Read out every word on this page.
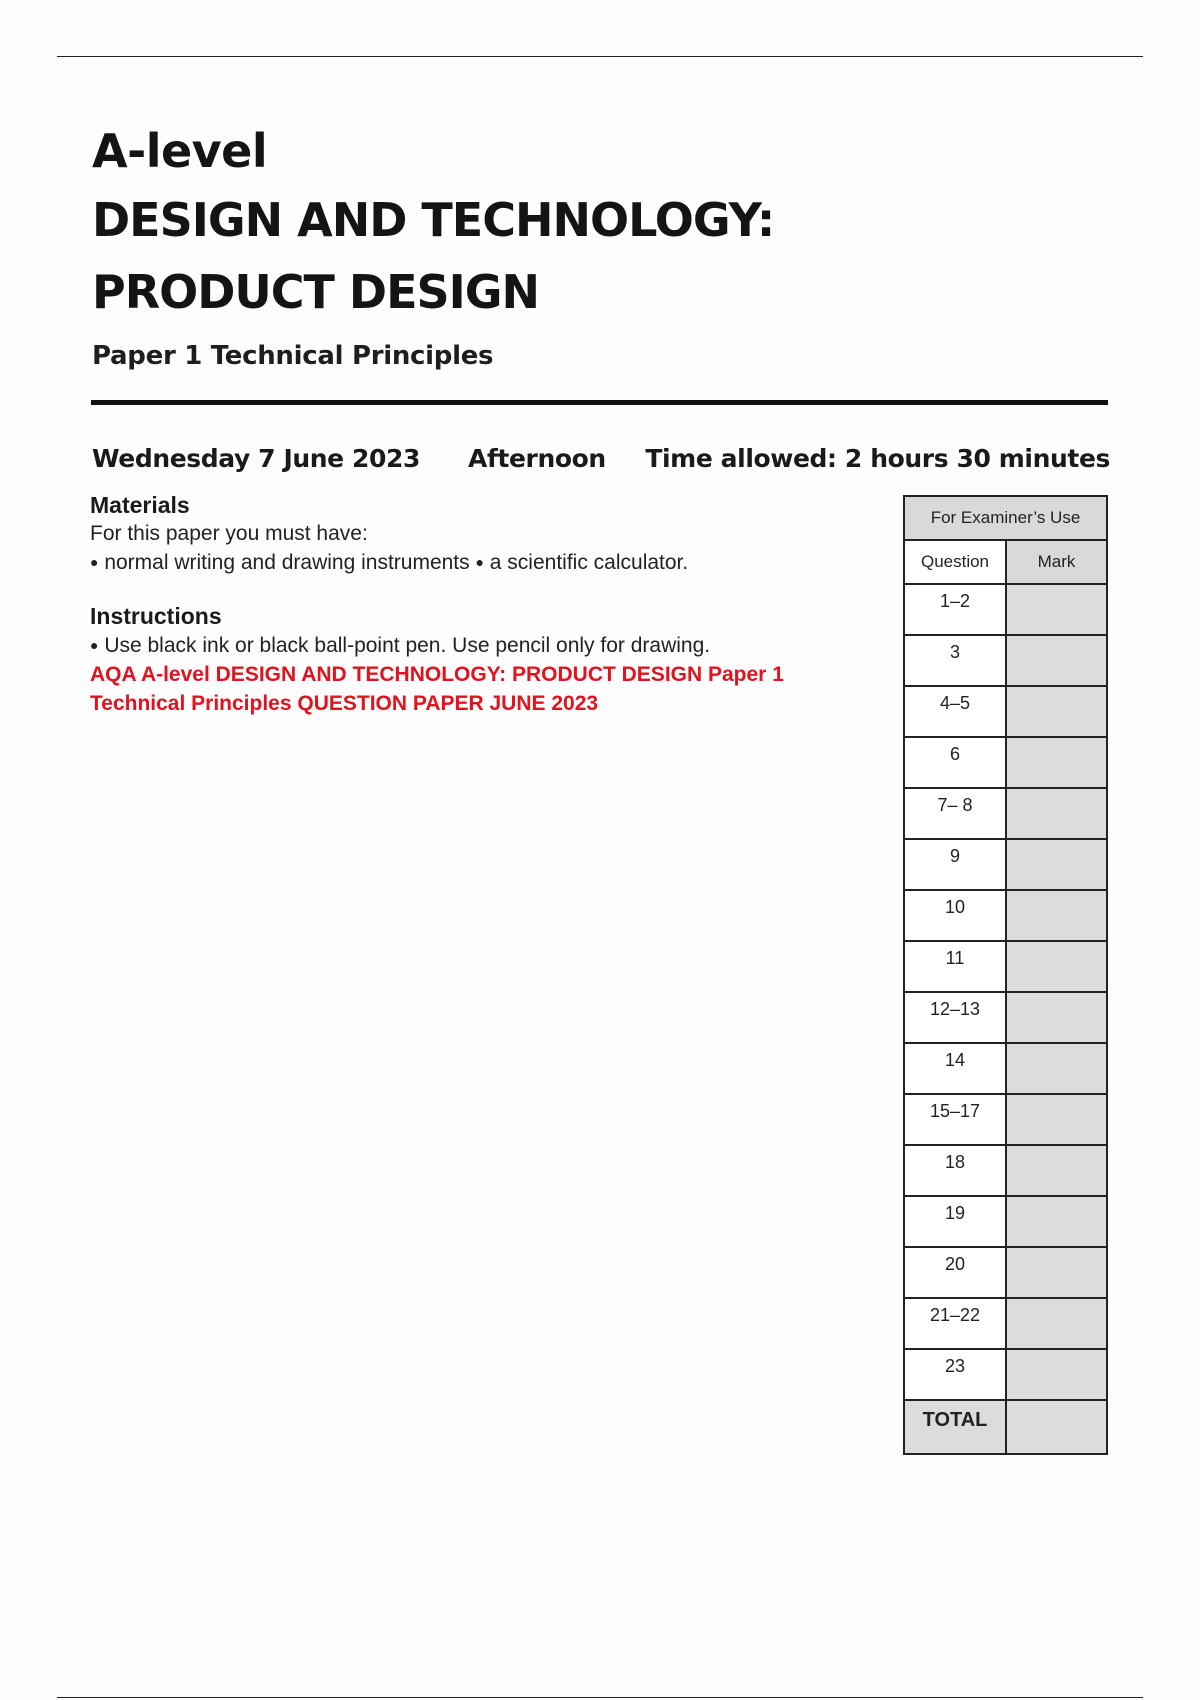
A-level
DESIGN AND TECHNOLOGY:
PRODUCT DESIGN
Paper 1 Technical Principles
Wednesday 7 June 2023 Afternoon Time allowed: 2 hours 30 minutes
Materials
For this paper you must have:
● normal writing and drawing instruments ● a scientific calculator.
Instructions
● Use black ink or black ball-point pen. Use pencil only for drawing.
AQA A-level DESIGN AND TECHNOLOGY: PRODUCT DESIGN Paper 1 Technical Principles QUESTION PAPER JUNE 2023
For Examiner’s Use	
Question	Mark
1–2	
3	
4–5	
6	
7– 8	
9	
10	
11	
12–13	
14	
15–17	
18	
19	
20	
21–22	
23	
TOTAL	
